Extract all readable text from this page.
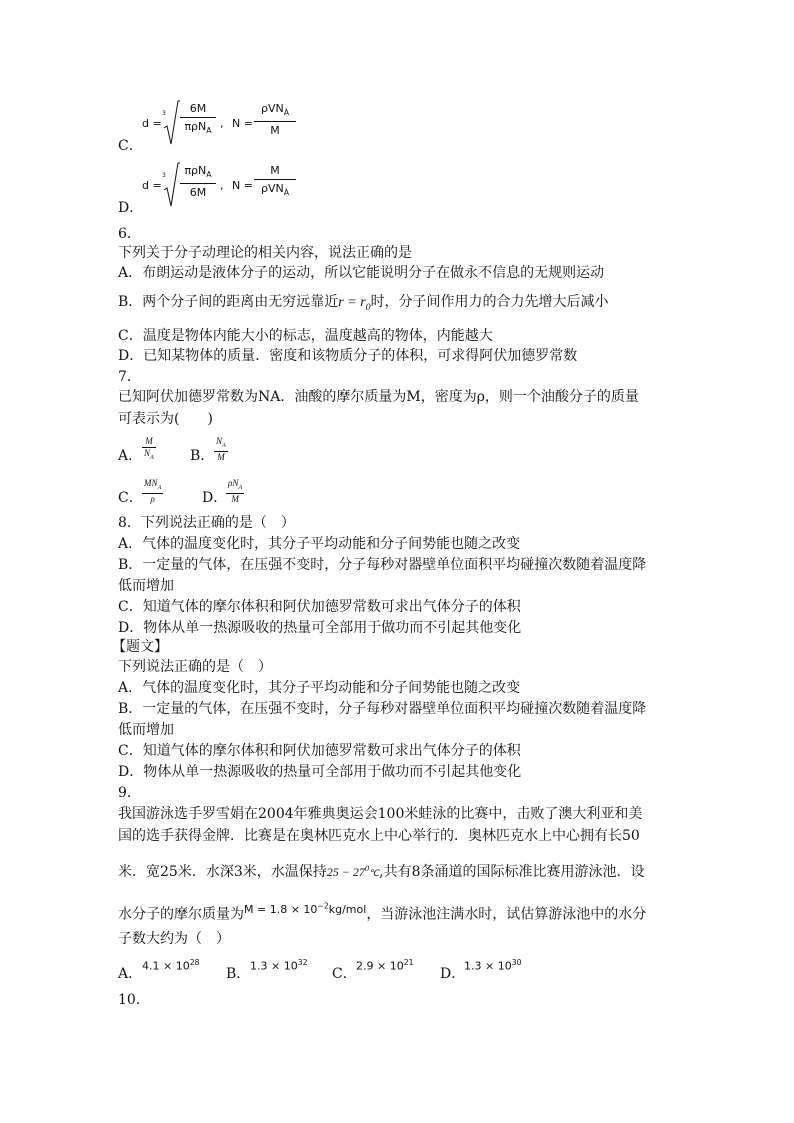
C．
d =
3	6M
πρN$_A$
, N =
ρVN$_A$
M
D．
d =
3	πρN$_A$
6M
, N =
M
ρVN$_A$
6．
下列关于分子动理论的相关内容，说法正确的是
A．布朗运动是液体分子的运动，所以它能说明分子在做永不信息的无规则运动
B．两个分子间的距离由无穷远靠近$r = r_0$时，分子间作用力的合力先增大后减小
C．温度是物体内能大小的标志，温度越高的物体，内能越大
D．已知某物体的质量．密度和该物质分子的体积，可求得阿伏加德罗常数
7．
已知阿伏加德罗常数为NA．油酸的摩尔质量为M，密度为ρ，则一个油酸分子的质量
可表示为(　　)
A． $\frac{M}{N_A}$ B． $\frac{N_A}{M}$
C．
$MN_A$
ρ	D．
$\rho N_A$
M
8．下列说法正确的是（　）
A．气体的温度变化时，其分子平均动能和分子间势能也随之改变
B．一定量的气体，在压强不变时，分子每秒对器壁单位面积平均碰撞次数随着温度降
低而增加
C．知道气体的摩尔体积和阿伏加德罗常数可求出气体分子的体积
D．物体从单一热源吸收的热量可全部用于做功而不引起其他变化
【题文】
下列说法正确的是（　）
A．气体的温度变化时，其分子平均动能和分子间势能也随之改变
B．一定量的气体，在压强不变时，分子每秒对器壁单位面积平均碰撞次数随着温度降
低而增加
C．知道气体的摩尔体积和阿伏加德罗常数可求出气体分子的体积
D．物体从单一热源吸收的热量可全部用于做功而不引起其他变化
9．
我国游泳选手罗雪娟在2004年雅典奥运会100米蛙泳的比赛中，击败了澳大利亚和美
国的选手获得金牌．比赛是在奥林匹克水上中心举行的．奥林匹克水上中心拥有长50
米．宽25米．水深3米，水温保持$25 - 27^0℃$,共有8条涌道的国际标准比赛用游泳池．设
水分子的摩尔质量为$^{M = 1.8 \times 10^{-2}kg/mol}$，当游泳池注满水时，试估算游泳池中的水分
子数大约为（　）
A． $4.1 \times 10^{28}$
B． $1.3 \times 10^{32}$
C． $2.9 \times 10^{21}$
D．
$1.3 \times 10^{30}$
10．
